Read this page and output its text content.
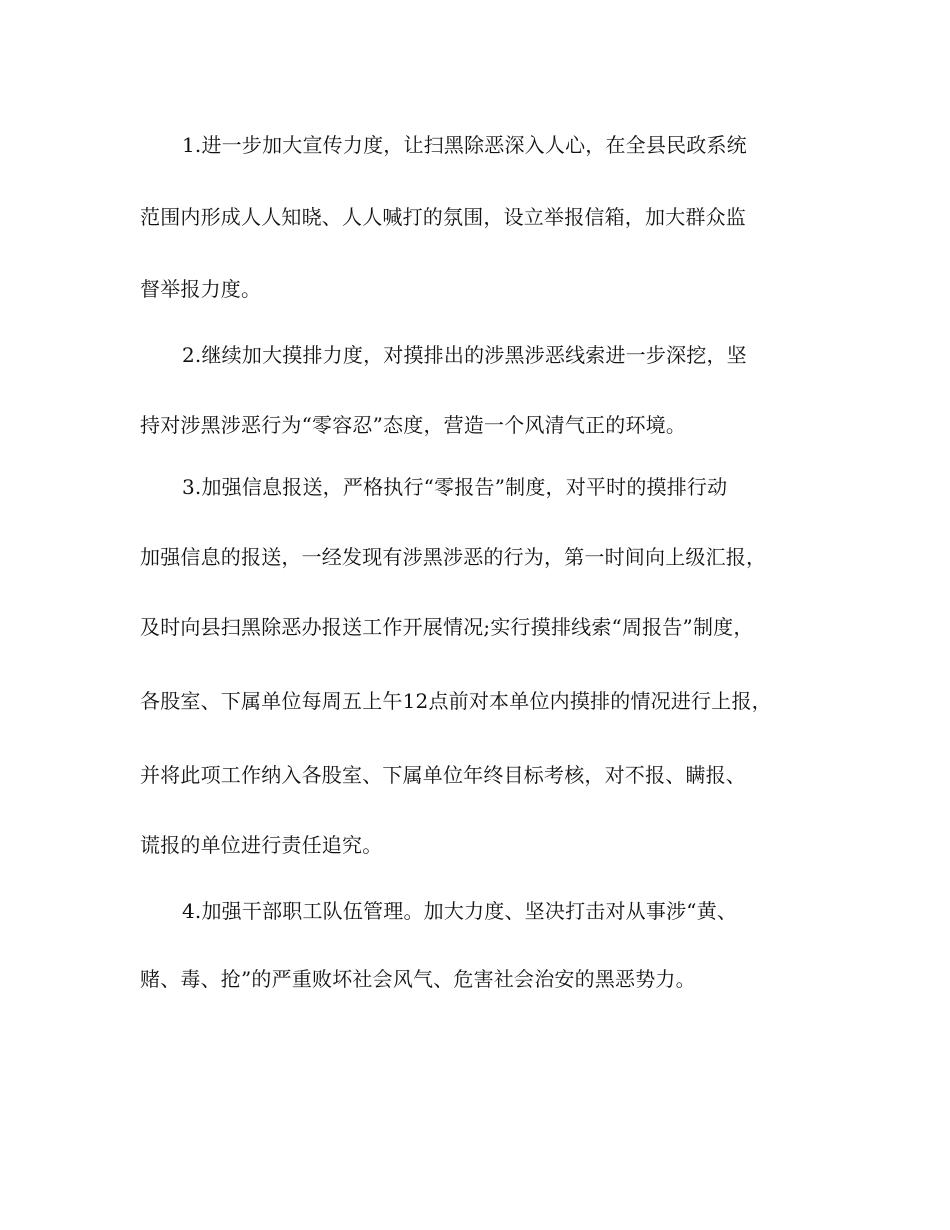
1.进一步加大宣传力度，让扫黑除恶深入人心，在全县民政系统
范围内形成人人知晓、人人喊打的氛围，设立举报信箱，加大群众监
督举报力度。
2.继续加大摸排力度，对摸排出的涉黑涉恶线索进一步深挖，坚
持对涉黑涉恶行为“零容忍”态度，营造一个风清气正的环境。
3.加强信息报送，严格执行“零报告”制度，对平时的摸排行动
加强信息的报送，一经发现有涉黑涉恶的行为，第一时间向上级汇报，
及时向县扫黑除恶办报送工作开展情况;实行摸排线索“周报告”制度，
各股室、下属单位每周五上午12点前对本单位内摸排的情况进行上报，
并将此项工作纳入各股室、下属单位年终目标考核，对不报、瞒报、
谎报的单位进行责任追究。
4.加强干部职工队伍管理。加大力度、坚决打击对从事涉“黄、
赌、毒、抢”的严重败坏社会风气、危害社会治安的黑恶势力。
